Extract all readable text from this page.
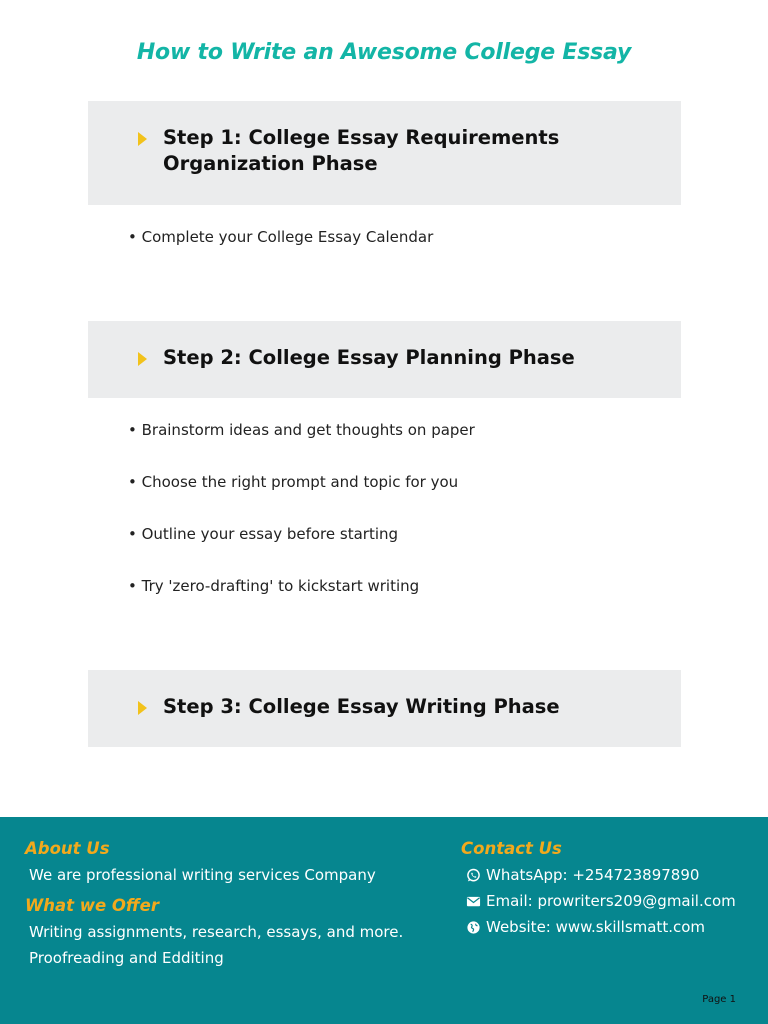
How to Write an Awesome College Essay
Step 1: College Essay Requirements Organization Phase

• Complete your College Essay Calendar

Step 2: College Essay Planning Phase

• Brainstorm ideas and get thoughts on paper

• Choose the right prompt and topic for you

• Outline your essay before starting

• Try 'zero-drafting' to kickstart writing

Step 3: College Essay Writing Phase
About Us

We are professional writing services Company

What we Offer

Writing assignments, research, essays, and more.

Proofreading and Edditing

Contact Us
WhatsApp: +254723897890
Email: prowriters209@gmail.com
Website: www.skillsmatt.com

Page 1
